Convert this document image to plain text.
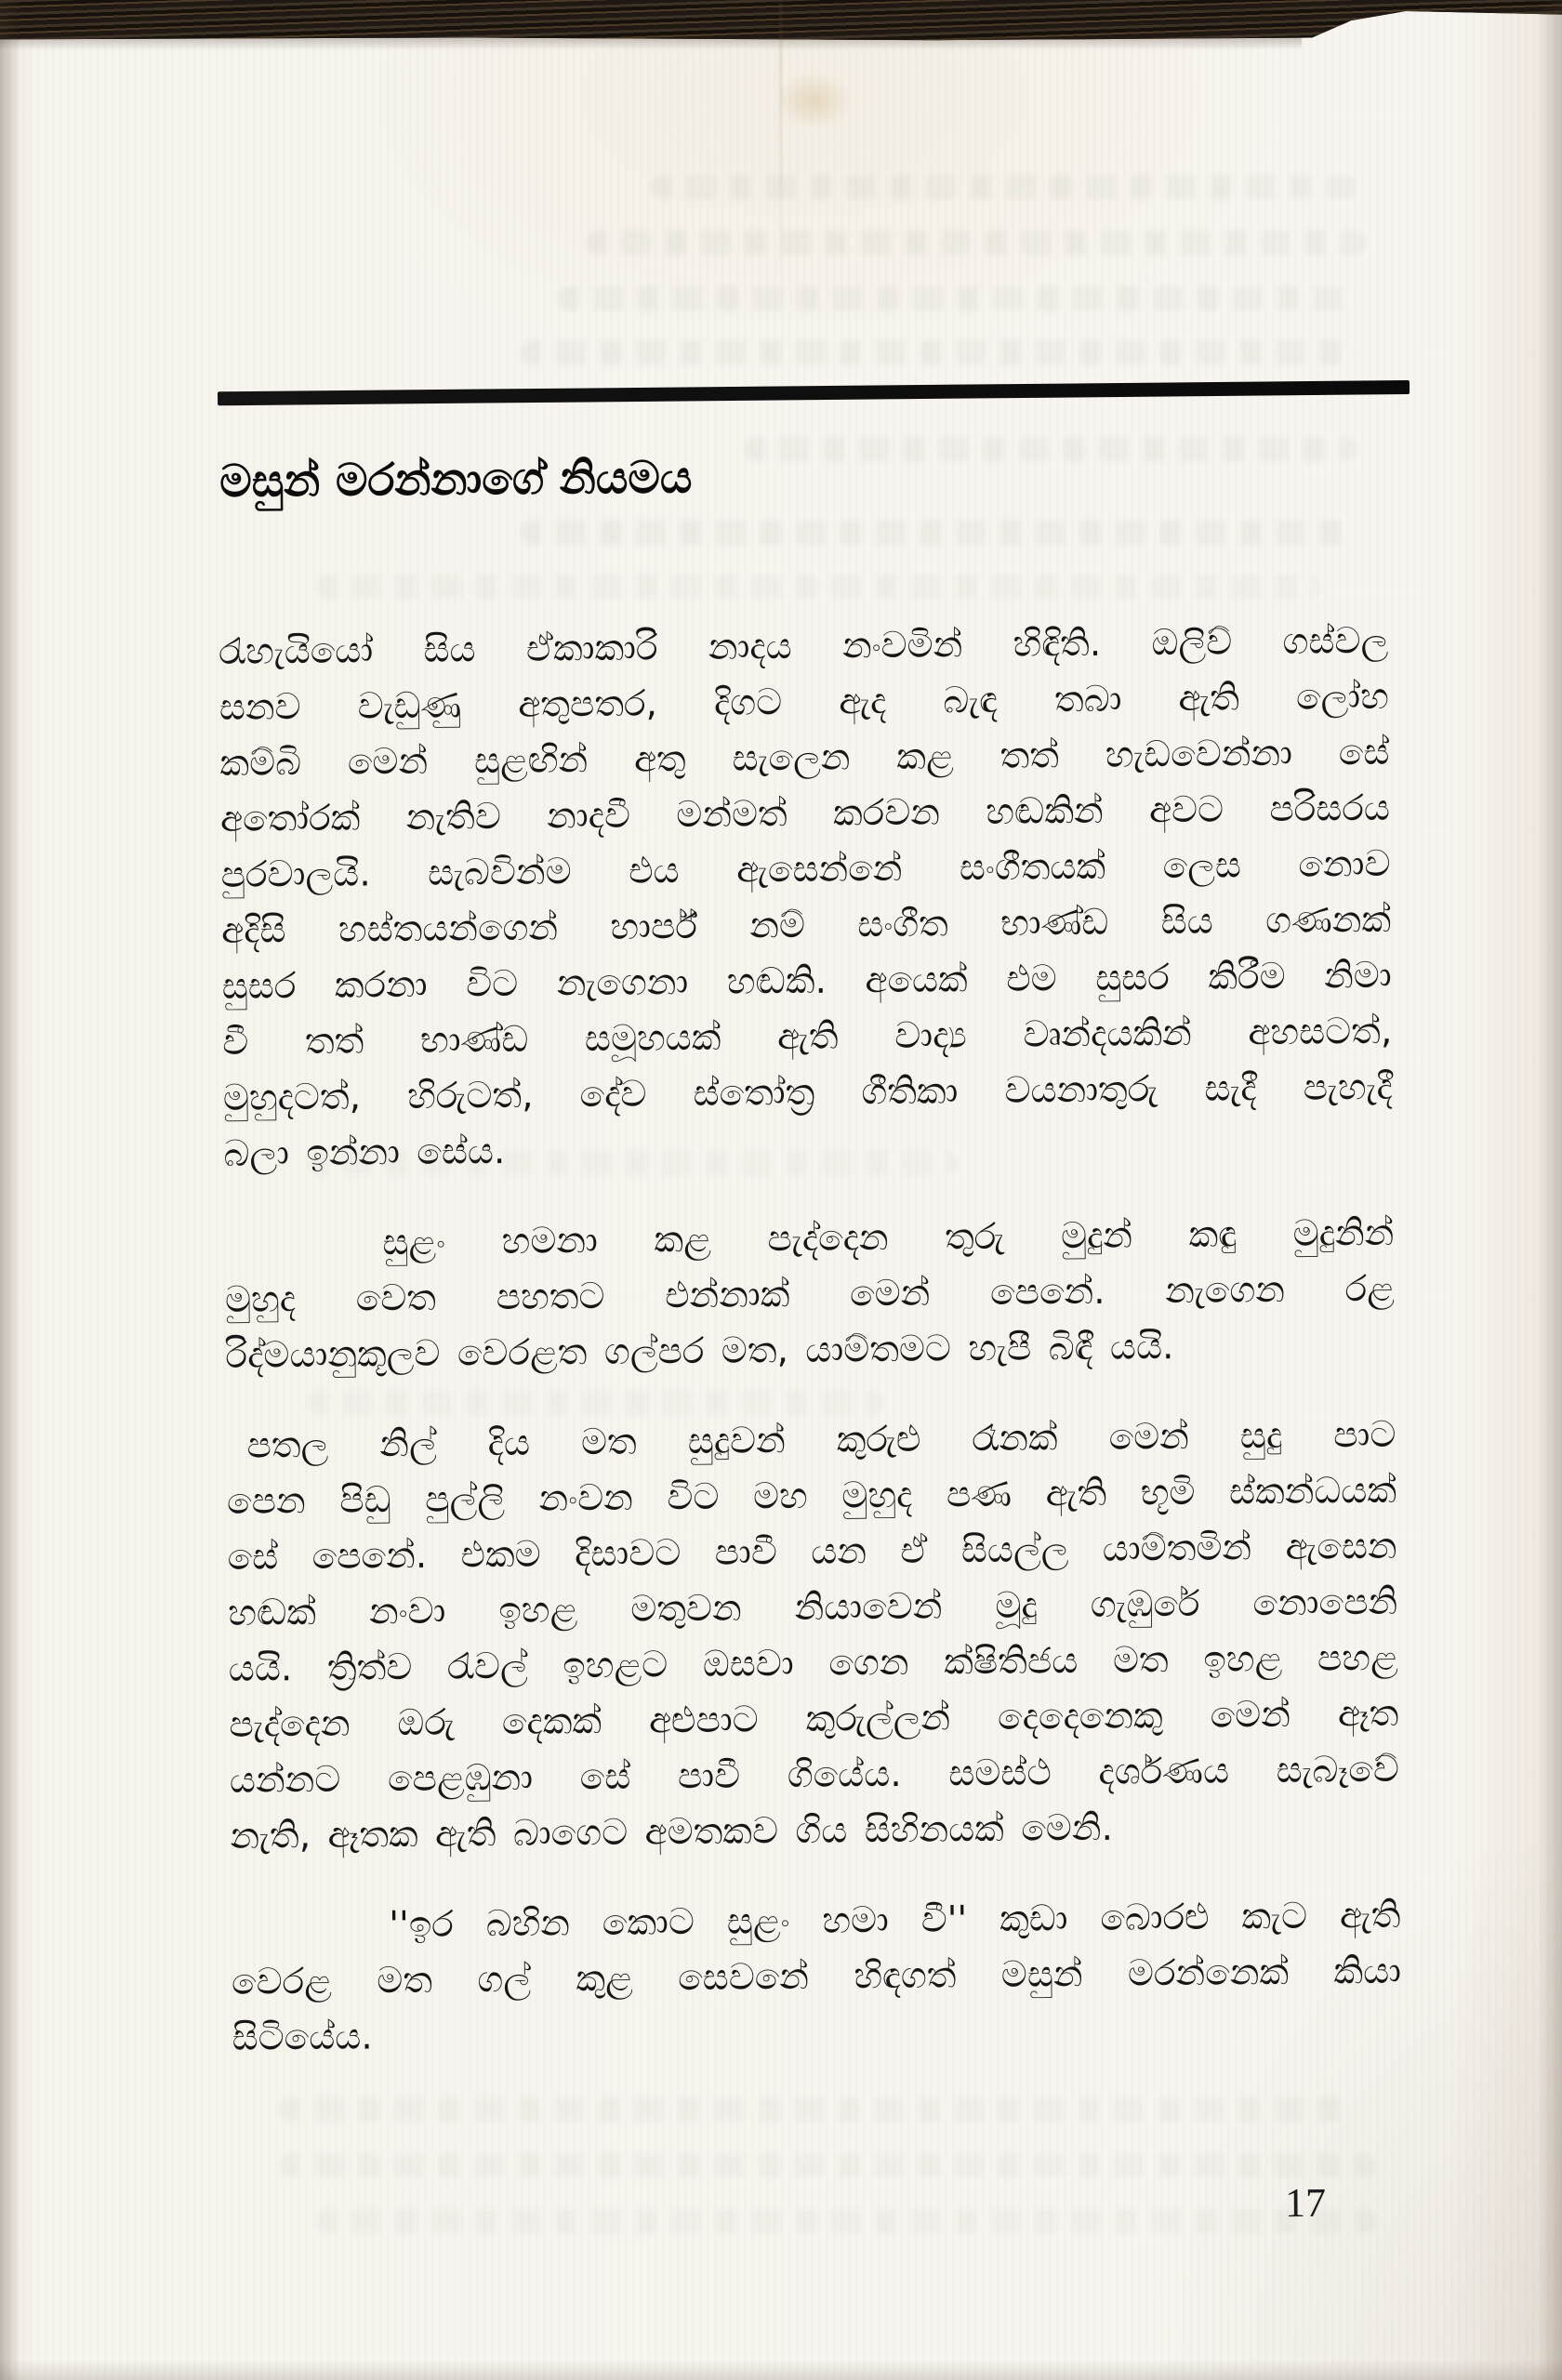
මසුන් මරන්නාගේ නියමය
රැහැයියෝ සිය ඒකාකාරි නාදය නංවමින් හිඳිති. ඔලිව් ගස්වල
සනව වැඩුණු අතුපතර, දිගට ඇද බැඳ තබා ඇති ලෝහ
කම්බි මෙන් සුළඟින් අතු සැලෙන කළ තත් හැඩවෙන්නා සේ
අතෝරක් නැතිව නාදවී මන්මත් කරවන හඬකින් අවට පරිසරය
පුරවාලයි. සැබවින්ම එය ඇසෙන්නේ සංගීතයක් ලෙස නොව
අදිසි හස්තයන්ගෙන් හාර්ප් නම් සංගීත භාණ්ඩ සිය ගණනක්
සුසර කරනා විට නැගෙනා හඬකි. අයෙක් එම සුසර කිරීම නිමා
වී තත් භාණ්ඩ සමූහයක් ඇති වාද්‍ය වෘන්දයකින් අහසටත්,
මුහුදටත්, හිරුටත්, දේව ස්තෝත්‍ර ගීතිකා වයනාතුරු සැදී පැහැදී
බලා ඉන්නා සේය.
සුළං හමනා කළ පැද්දෙන තුරු මුදුන් කඳු මුදුනින්
මුහුද වෙත පහතට එන්නාක් මෙන් පෙනේ. නැගෙන රළ
රිද්මයානුකූලව වෙරළත ගල්පර මත, යාම්තමට හැපී බිඳී යයි.
පතල නිල් දිය මත සුදුවන් කුරුළු රෑනක් මෙන් සුදු පාට
පෙන පිඩු පුල්ලි නංවන විට මහ මුහුද පණ ඇති භූමි ස්කන්ධයක්
සේ පෙනේ. එකම දිසාවට පාවී යන ඒ සියල්ල යාම්තමින් ඇසෙන
හඬක් නංවා ඉහළ මතුවන නියාවෙන් මූදු ගැඹුරේ නොපෙනි
යයි. ත්‍රිත්ව රැවල් ඉහළට ඔසවා ගෙන ක්ෂිතිජය මත ඉහළ පහළ
පැද්දෙන ඔරු දෙකක් අළුපාට කුරුල්ලන් දෙදෙනෙකු මෙන් ඈත
යන්නට පෙළඹුනා සේ පාවී ගියේය. සමස්ථ දර්ශණය සැබෑවේ
නැති, ඈතක ඇති බාගෙට අමතකව ගිය සිහිනයක් මෙනි.
''ඉර බහින කොට සුළං හමා වී'' කුඩා බොරළු කැට ඇති
වෙරළ මත ගල් කුළ සෙවනේ හිඳගත් මසුන් මරන්නෙක් කියා
සිටියේය.
17
